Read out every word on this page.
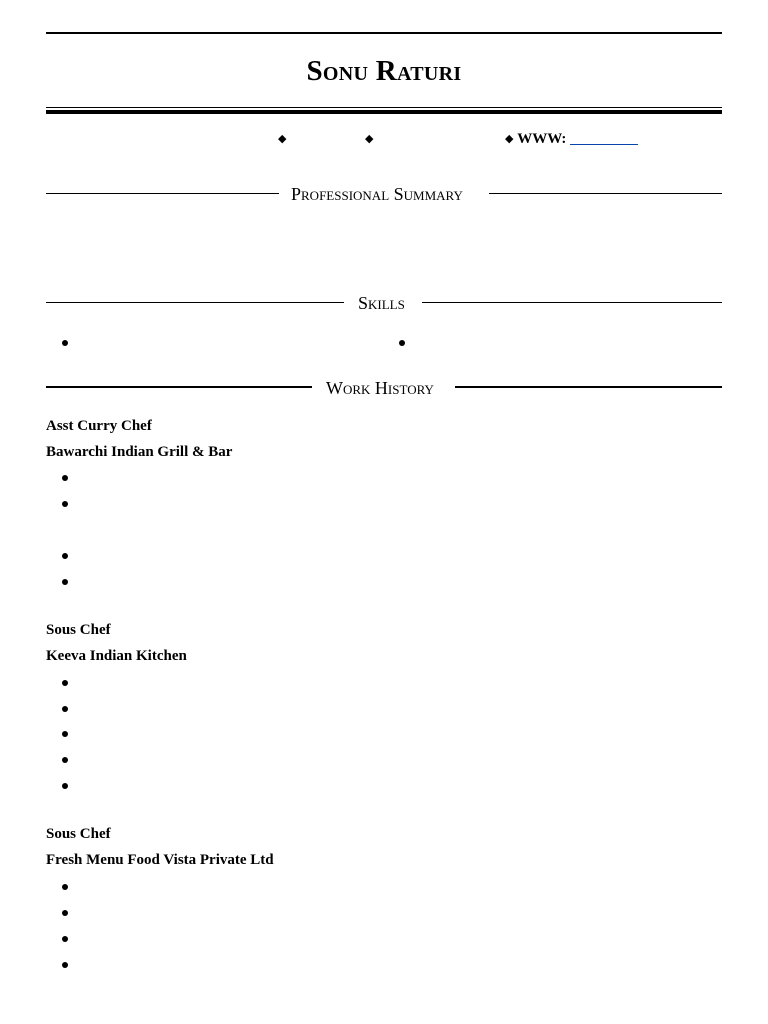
Sonu Raturi
◆	◆	◆ WWW:
Professional Summary
Skills
Work History
Asst Curry Chef
Bawarchi Indian Grill & Bar
Sous Chef
Keeva Indian Kitchen
Sous Chef
Fresh Menu Food Vista Private Ltd
